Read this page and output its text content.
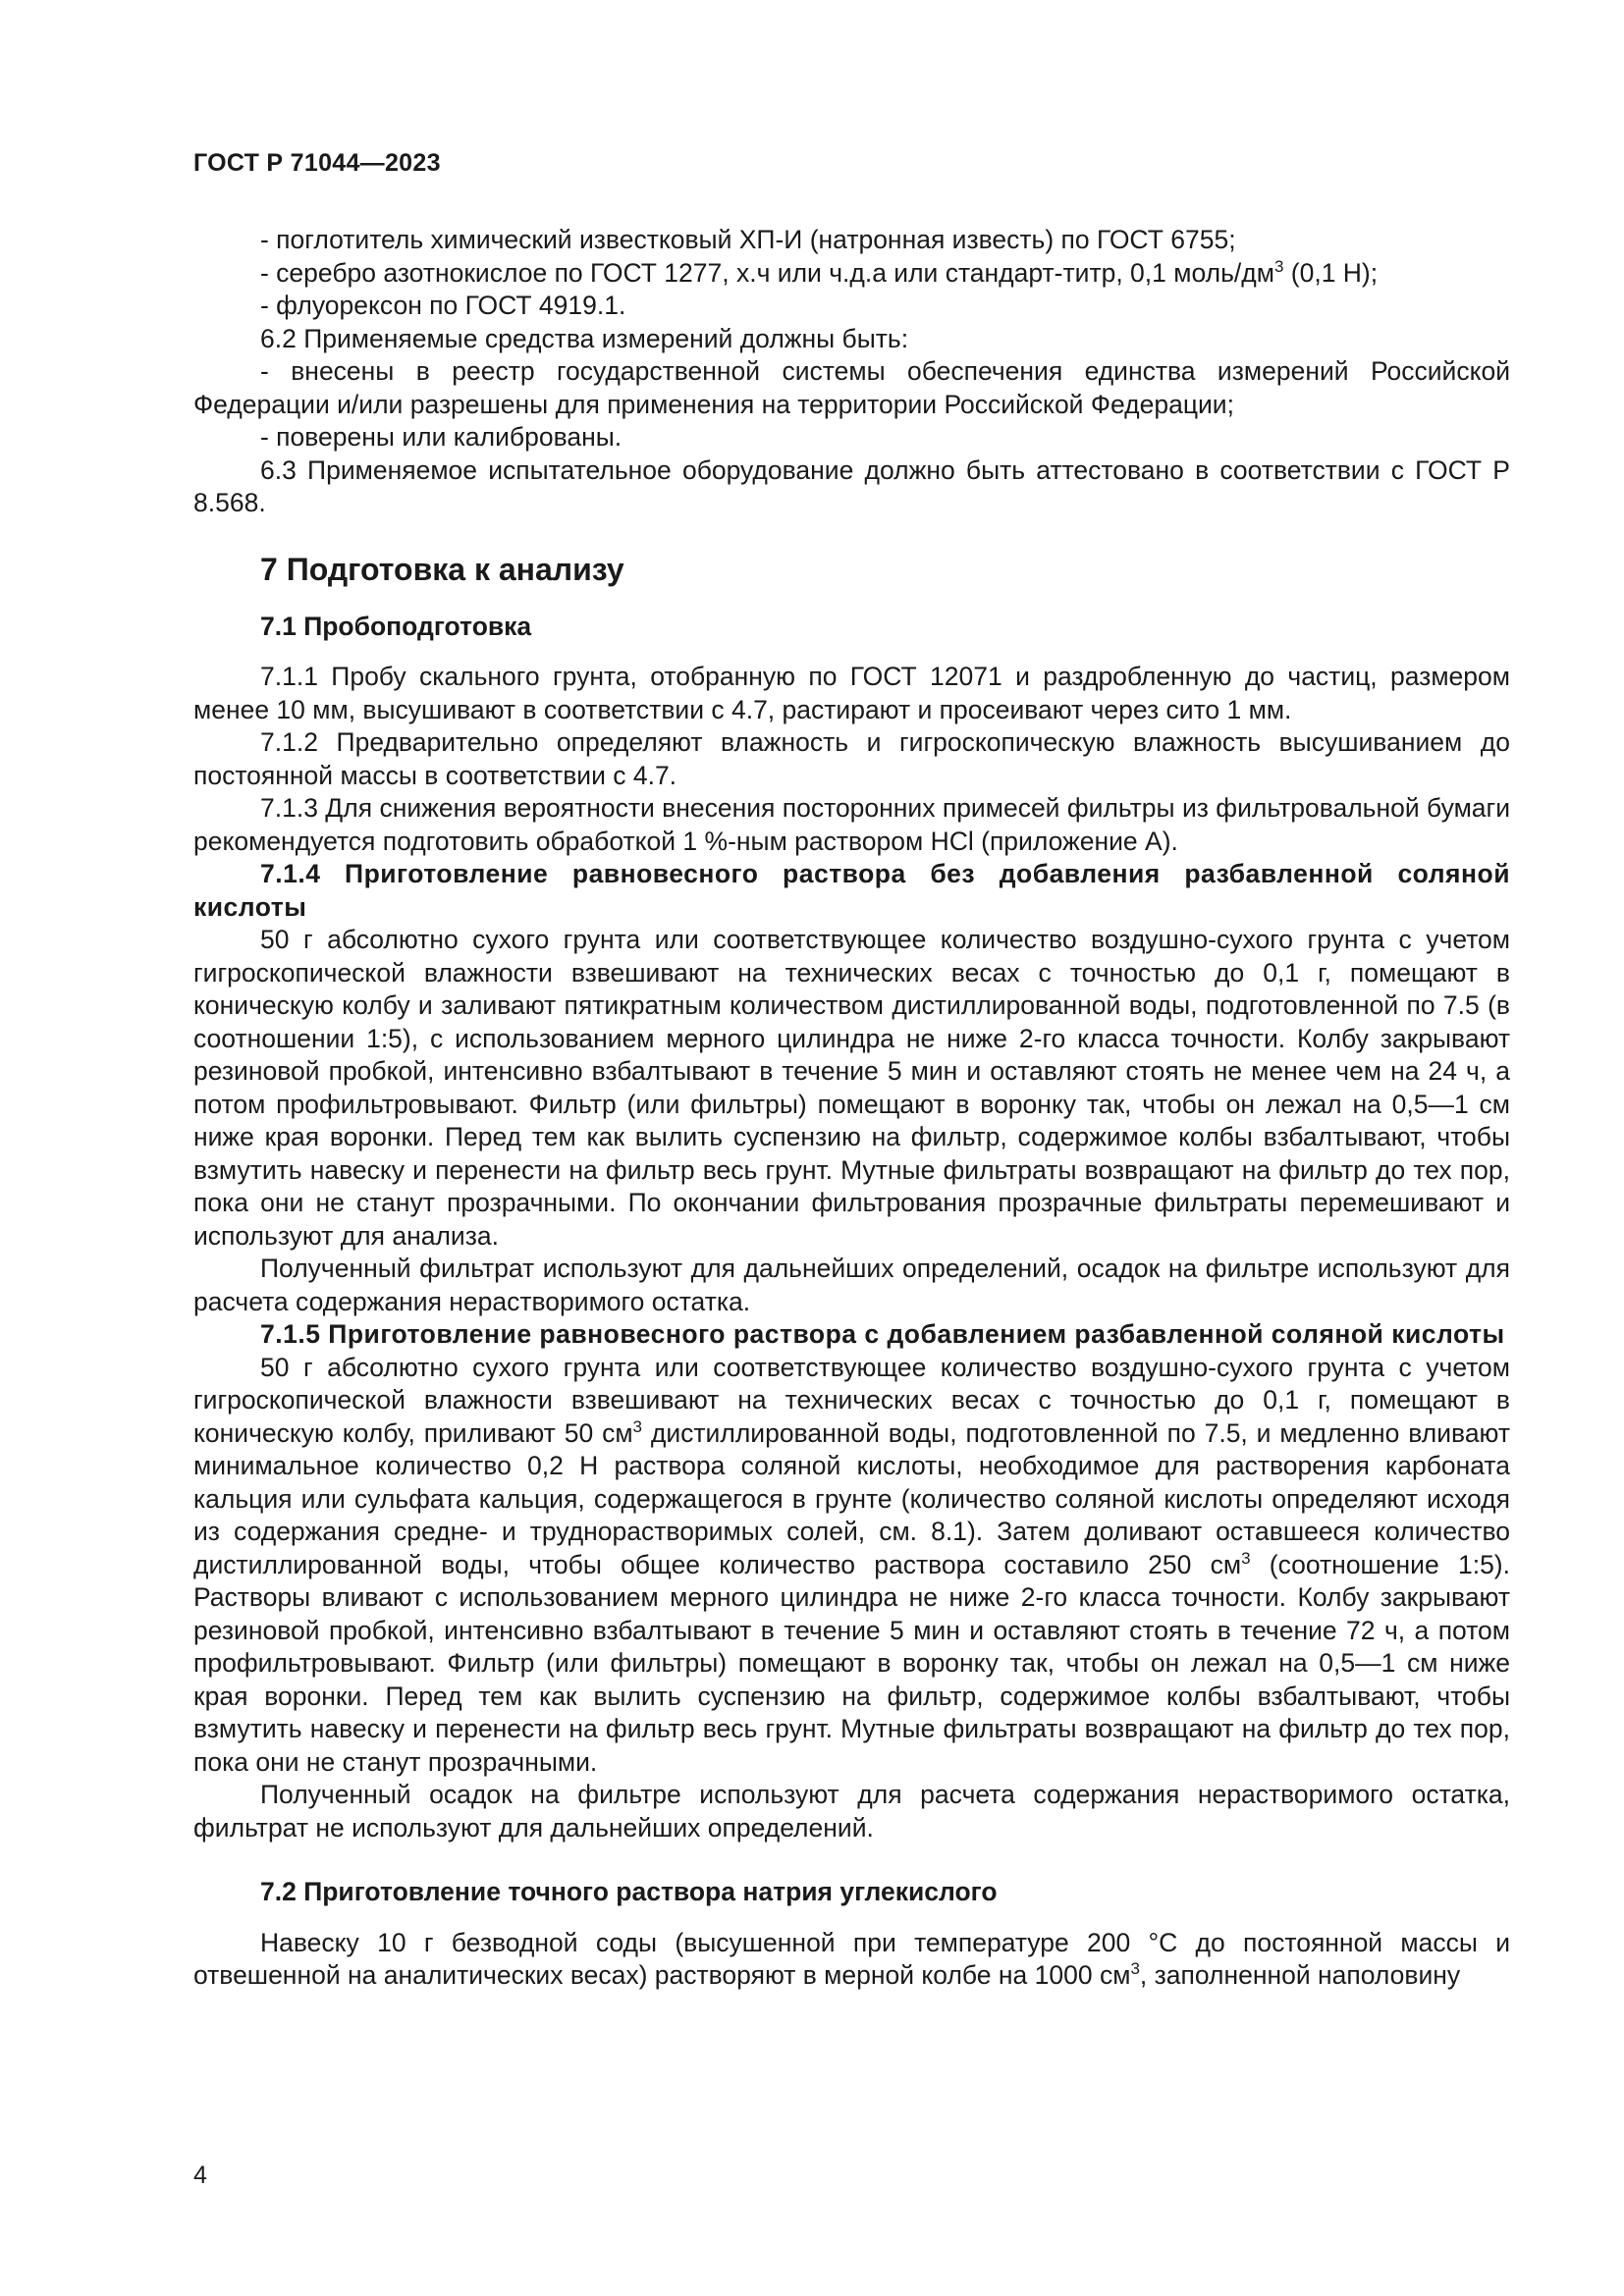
ГОСТ Р 71044—2023

- поглотитель химический известковый ХП-И (натронная известь) по ГОСТ 6755;

- серебро азотнокислое по ГОСТ 1277, х.ч или ч.д.а или стандарт-титр, 0,1 моль/$дм^3$ (0,1 Н);

- флуорексон по ГОСТ 4919.1.

6.2 Применяемые средства измерений должны быть:

- внесены в реестр государственной системы обеспечения единства измерений Российской Федерации и/или разрешены для применения на территории Российской Федерации;

- поверены или калиброваны.

6.3 Применяемое испытательное оборудование должно быть аттестовано в соответствии с ГОСТ Р 8.568.

7 Подготовка к анализу
7.1 Пробоподготовка

7.1.1 Пробу скального грунта, отобранную по ГОСТ 12071 и раздробленную до частиц, размером менее 10 мм, высушивают в соответствии с 4.7, растирают и просеивают через сито 1 мм.

7.1.2 Предварительно определяют влажность и гигроскопическую влажность высушиванием до постоянной массы в соответствии с 4.7.

7.1.3 Для снижения вероятности внесения посторонних примесей фильтры из фильтровальной бумаги рекомендуется подготовить обработкой 1 %-ным раствором HCl (приложение А).

7.1.4 Приготовление равновесного раствора без добавления разбавленной соляной кислоты

50 г абсолютно сухого грунта или соответствующее количество воздушно-сухого грунта с учетом гигроскопической влажности взвешивают на технических весах с точностью до 0,1 г, помещают в коническую колбу и заливают пятикратным количеством дистиллированной воды, подготовленной по 7.5 (в соотношении 1:5), с использованием мерного цилиндра не ниже 2-го класса точности. Колбу закрывают резиновой пробкой, интенсивно взбалтывают в течение 5 мин и оставляют стоять не менее чем на 24 ч, а потом профильтровывают. Фильтр (или фильтры) помещают в воронку так, чтобы он лежал на 0,5—1 см ниже края воронки. Перед тем как вылить суспензию на фильтр, содержимое колбы взбалтывают, чтобы взмутить навеску и перенести на фильтр весь грунт. Мутные фильтраты возвращают на фильтр до тех пор, пока они не станут прозрачными. По окончании фильтрования прозрачные фильтраты перемешивают и используют для анализа.

Полученный фильтрат используют для дальнейших определений, осадок на фильтре используют для расчета содержания нерастворимого остатка.

7.1.5 Приготовление равновесного раствора с добавлением разбавленной соляной кислоты

50 г абсолютно сухого грунта или соответствующее количество воздушно-сухого грунта с учетом гигроскопической влажности взвешивают на технических весах с точностью до 0,1 г, помещают в коническую колбу, приливают 50 $см^3$ дистиллированной воды, подготовленной по 7.5, и медленно вливают минимальное количество 0,2 Н раствора соляной кислоты, необходимое для растворения карбоната кальция или сульфата кальция, содержащегося в грунте (количество соляной кислоты определяют исходя из содержания средне- и труднорастворимых солей, см. 8.1). Затем доливают оставшееся количество дистиллированной воды, чтобы общее количество раствора составило 250 $см^3$ (соотношение 1:5). Растворы вливают с использованием мерного цилиндра не ниже 2-го класса точности. Колбу закрывают резиновой пробкой, интенсивно взбалтывают в течение 5 мин и оставляют стоять в течение 72 ч, а потом профильтровывают. Фильтр (или фильтры) помещают в воронку так, чтобы он лежал на 0,5—1 см ниже края воронки. Перед тем как вылить суспензию на фильтр, содержимое колбы взбалтывают, чтобы взмутить навеску и перенести на фильтр весь грунт. Мутные фильтраты возвращают на фильтр до тех пор, пока они не станут прозрачными.

Полученный осадок на фильтре используют для расчета содержания нерастворимого остатка, фильтрат не используют для дальнейших определений.

7.2 Приготовление точного раствора натрия углекислого

Навеску 10 г безводной соды (высушенной при температуре 200 °С до постоянной массы и отвешенной на аналитических весах) растворяют в мерной колбе на 1000 $см^3$, заполненной наполовину

4
